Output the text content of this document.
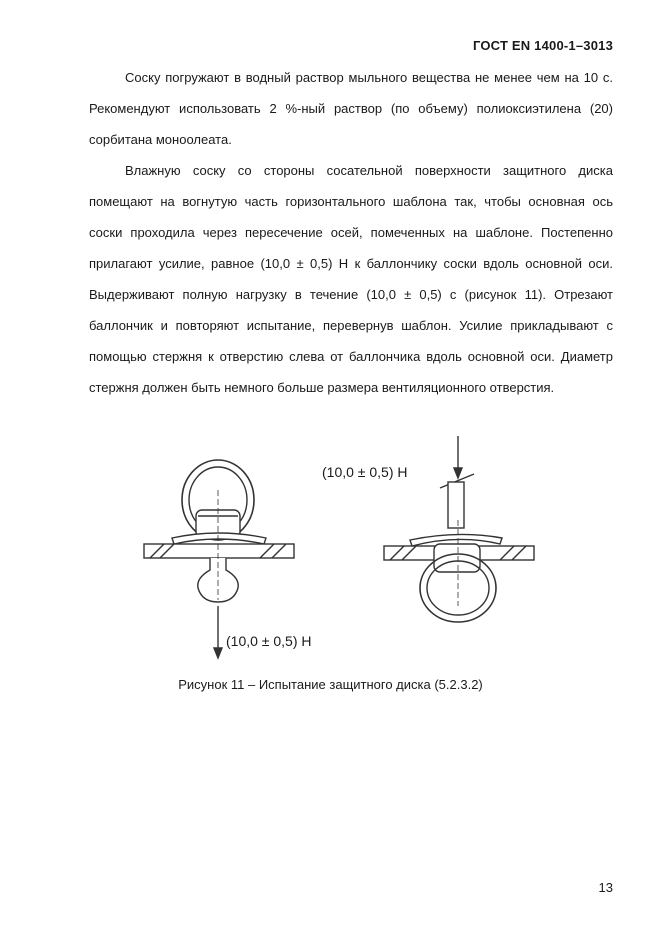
ГОСТ EN 1400-1–3013

Соску погружают в водный раствор мыльного вещества не менее чем на 10 с. Рекомендуют использовать 2 %-ный раствор (по объему) полиоксиэтилена (20) сорбитана моноолеата.

Влажную соску со стороны сосательной поверхности защитного диска помещают на вогнутую часть горизонтального шаблона так, чтобы основная ось соски проходила через пересечение осей, помеченных на шаблоне. Постепенно прилагают усилие, равное (10,0 ± 0,5) Н к баллончику соски вдоль основной оси. Выдерживают полную нагрузку в течение (10,0 ± 0,5) с (рисунок 11). Отрезают баллончик и повторяют испытание, перевернув шаблон. Усилие прикладывают с помощью стержня к отверстию слева от баллончика вдоль основной оси. Диаметр стержня должен быть немного больше размера вентиляционного отверстия.

(10,0 ± 0,5) Н
(10,0 ± 0,5) Н
Рисунок 11 – Испытание защитного диска (5.2.3.2)
13
